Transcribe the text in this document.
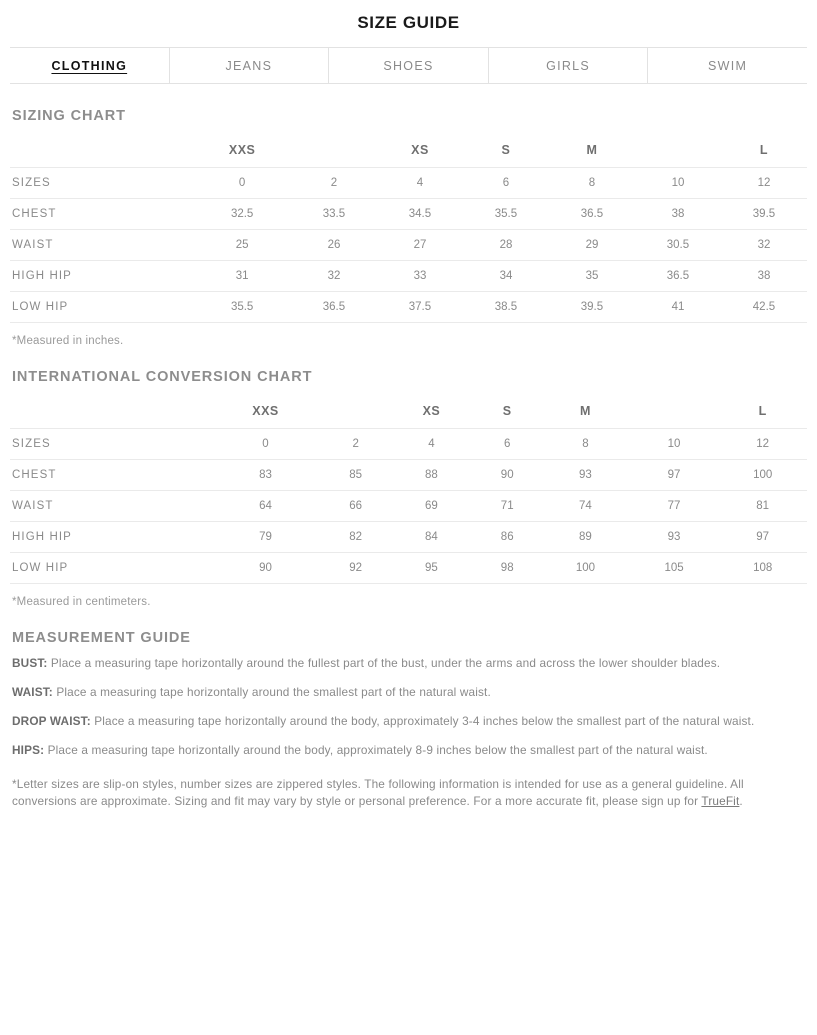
SIZE GUIDE
CLOTHING	JEANS	SHOES	GIRLS	SWIM
SIZING CHART
	XXS		XS	S	M		L
SIZES	0	2	4	6	8	10	12
CHEST	32.5	33.5	34.5	35.5	36.5	38	39.5
WAIST	25	26	27	28	29	30.5	32
HIGH HIP	31	32	33	34	35	36.5	38
LOW HIP	35.5	36.5	37.5	38.5	39.5	41	42.5
*Measured in inches.
INTERNATIONAL CONVERSION CHART
	XXS		XS	S	M		L
SIZES	0	2	4	6	8	10	12
CHEST	83	85	88	90	93	97	100
WAIST	64	66	69	71	74	77	81
HIGH HIP	79	82	84	86	89	93	97
LOW HIP	90	92	95	98	100	105	108
*Measured in centimeters.
MEASUREMENT GUIDE

BUST: Place a measuring tape horizontally around the fullest part of the bust, under the arms and across the lower shoulder blades.

WAIST: Place a measuring tape horizontally around the smallest part of the natural waist.

DROP WAIST: Place a measuring tape horizontally around the body, approximately 3-4 inches below the smallest part of the natural waist.

HIPS: Place a measuring tape horizontally around the body, approximately 8-9 inches below the smallest part of the natural waist.

*Letter sizes are slip-on styles, number sizes are zippered styles. The following information is intended for use as a general guideline. All conversions are approximate. Sizing and fit may vary by style or personal preference. For a more accurate fit, please sign up for TrueFit.
